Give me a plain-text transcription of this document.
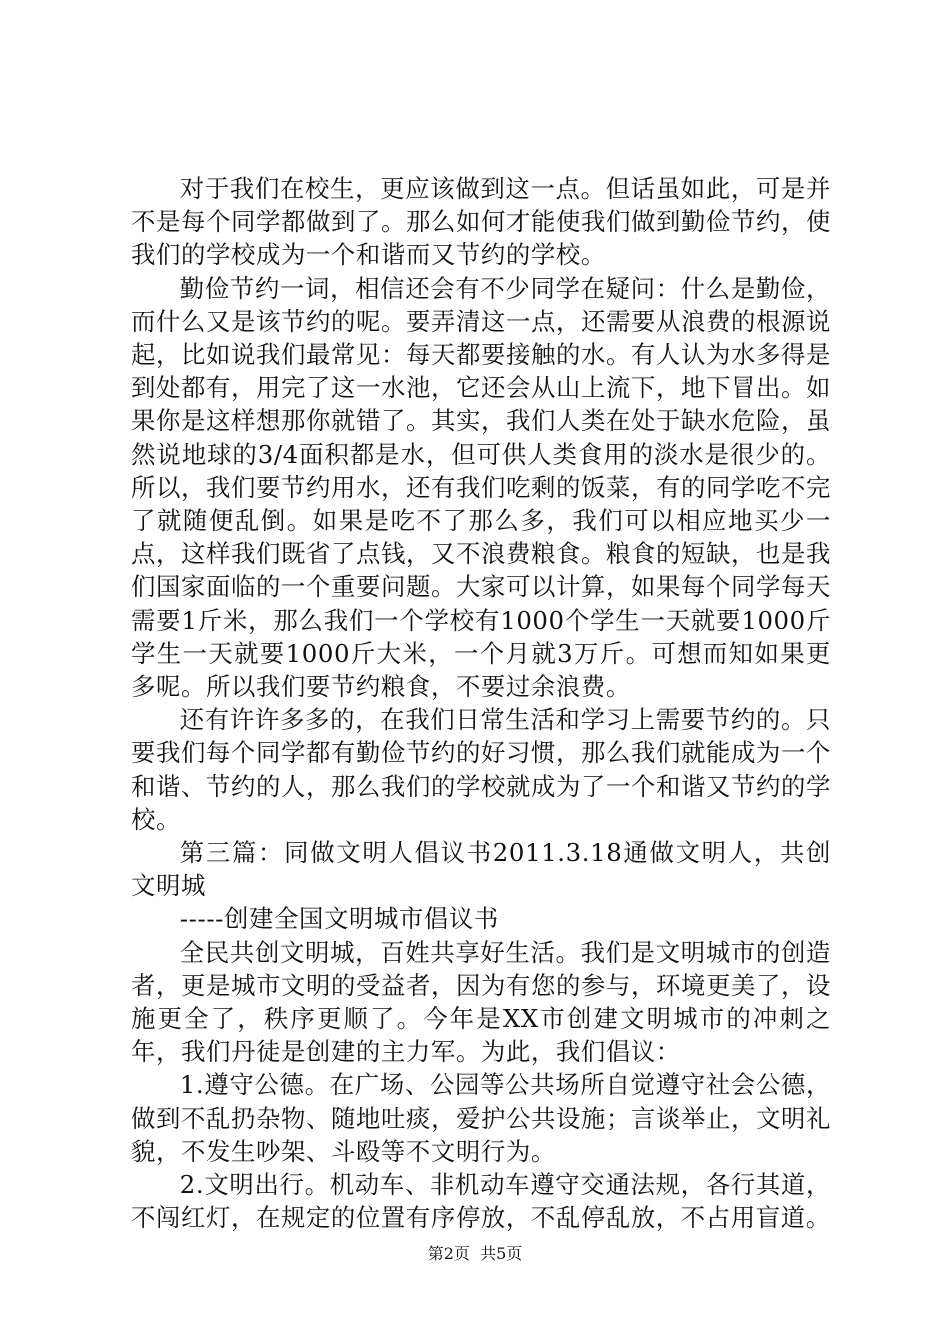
对于我们在校生，更应该做到这一点。但话虽如此，可是并不是每个同学都做到了。那么如何才能使我们做到勤俭节约，使我们的学校成为一个和谐而又节约的学校。

勤俭节约一词，相信还会有不少同学在疑问：什么是勤俭，而什么又是该节约的呢。要弄清这一点，还需要从浪费的根源说起，比如说我们最常见：每天都要接触的水。有人认为水多得是到处都有，用完了这一水池，它还会从山上流下，地下冒出。如果你是这样想那你就错了。其实，我们人类在处于缺水危险，虽然说地球的3/4面积都是水，但可供人类食用的淡水是很少的。所以，我们要节约用水，还有我们吃剩的饭菜，有的同学吃不完了就随便乱倒。如果是吃不了那么多，我们可以相应地买少一点，这样我们既省了点钱，又不浪费粮食。粮食的短缺，也是我们国家面临的一个重要问题。大家可以计算，如果每个同学每天需要1斤米，那么我们一个学校有1000个学生一天就要1000斤学生一天就要1000斤大米，一个月就3万斤。可想而知如果更多呢。所以我们要节约粮食，不要过余浪费。

还有许许多多的，在我们日常生活和学习上需要节约的。只要我们每个同学都有勤俭节约的好习惯，那么我们就能成为一个和谐、节约的人，那么我们的学校就成为了一个和谐又节约的学校。

第三篇：同做文明人倡议书2011.3.18通做文明人，共创文明城

-----创建全国文明城市倡议书

全民共创文明城，百姓共享好生活。我们是文明城市的创造者，更是城市文明的受益者，因为有您的参与，环境更美了，设施更全了，秩序更顺了。今年是XX市创建文明城市的冲刺之年，我们丹徒是创建的主力军。为此，我们倡议：

1.遵守公德。在广场、公园等公共场所自觉遵守社会公德，做到不乱扔杂物、随地吐痰，爱护公共设施；言谈举止，文明礼貌，不发生吵架、斗殴等不文明行为。

2.文明出行。机动车、非机动车遵守交通法规，各行其道，不闯红灯，在规定的位置有序停放，不乱停乱放，不占用盲道。

第2页  共5页
